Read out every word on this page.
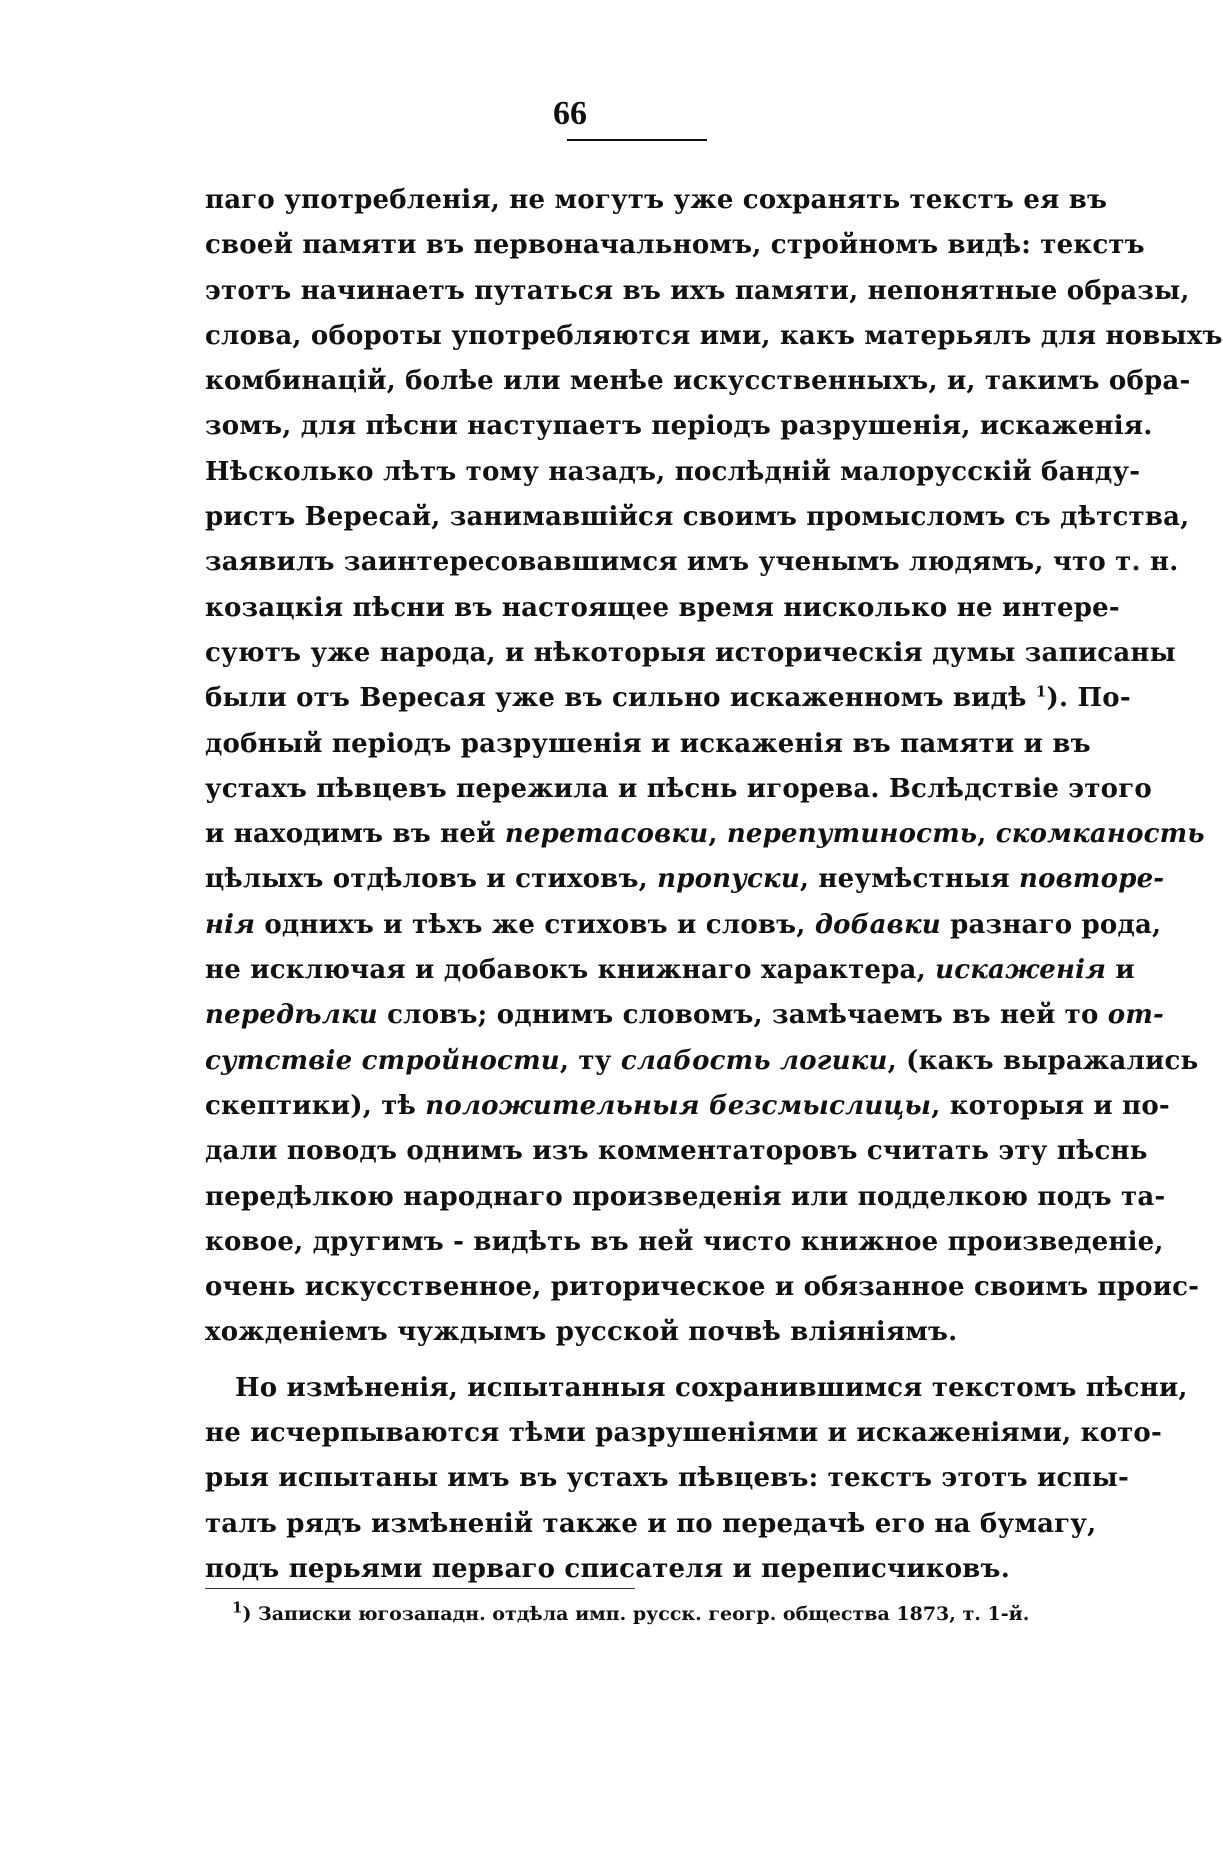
66
паго употребленія, не могутъ уже сохранять текстъ ея въ
своей памяти въ первоначальномъ, стройномъ видѣ: текстъ
этотъ начинаетъ путаться въ ихъ памяти, непонятные образы,
слова, обороты употребляются ими, какъ матерьялъ для новыхъ
комбинацій, болѣе или менѣе искусственныхъ, и, такимъ обра-
зомъ, для пѣсни наступаетъ періодъ разрушенія, искаженія.
Нѣсколько лѣтъ тому назадъ, послѣдній малорусскій банду-
ристъ Вересай, занимавшійся своимъ промысломъ съ дѣтства,
заявилъ заинтересовавшимся имъ ученымъ людямъ, что т. н.
козацкія пѣсни въ настоящее время нисколько не интере-
суютъ уже народа, и нѣкоторыя историческія думы записаны
были отъ Вересая уже въ сильно искаженномъ видѣ $^1$). По-
добный періодъ разрушенія и искаженія въ памяти и въ
устахъ пѣвцевъ пережила и пѣснь игорева. Вслѣдствіе этого
и находимъ въ ней перетасовки, перепутиность, скомканость
цѣлыхъ отдѣловъ и стиховъ, пропуски, неумѣстныя повторе-
нія однихъ и тѣхъ же стиховъ и словъ, добавки разнаго рода,
не исключая и добавокъ книжнаго характера, искаженія и
передѣлки словъ; однимъ словомъ, замѣчаемъ въ ней то от-
сутствіе стройности, ту слабость логики, (какъ выражались
скептики), тѣ положительныя безсмыслицы, которыя и по-
дали поводъ однимъ изъ комментаторовъ считать эту пѣснь
передѣлкою народнаго произведенія или подделкою подъ та-
ковое, другимъ - видѣть въ ней чисто книжное произведеніе,
очень искусственное, риторическое и обязанное своимъ проис-
хожденіемъ чуждымъ русской почвѣ вліяніямъ.
Но измѣненія, испытанныя сохранившимся текстомъ пѣсни,
не исчерпываются тѣми разрушеніями и искаженіями, кото-
рыя испытаны имъ въ устахъ пѣвцевъ: текстъ этотъ испы-
талъ рядъ измѣненій также и по передачѣ его на бумагу,
подъ перьями перваго списателя и переписчиковъ.
$^1$) Записки югозападн. отдѣла имп. русск. геогр. общества 1873, т. 1-й.
